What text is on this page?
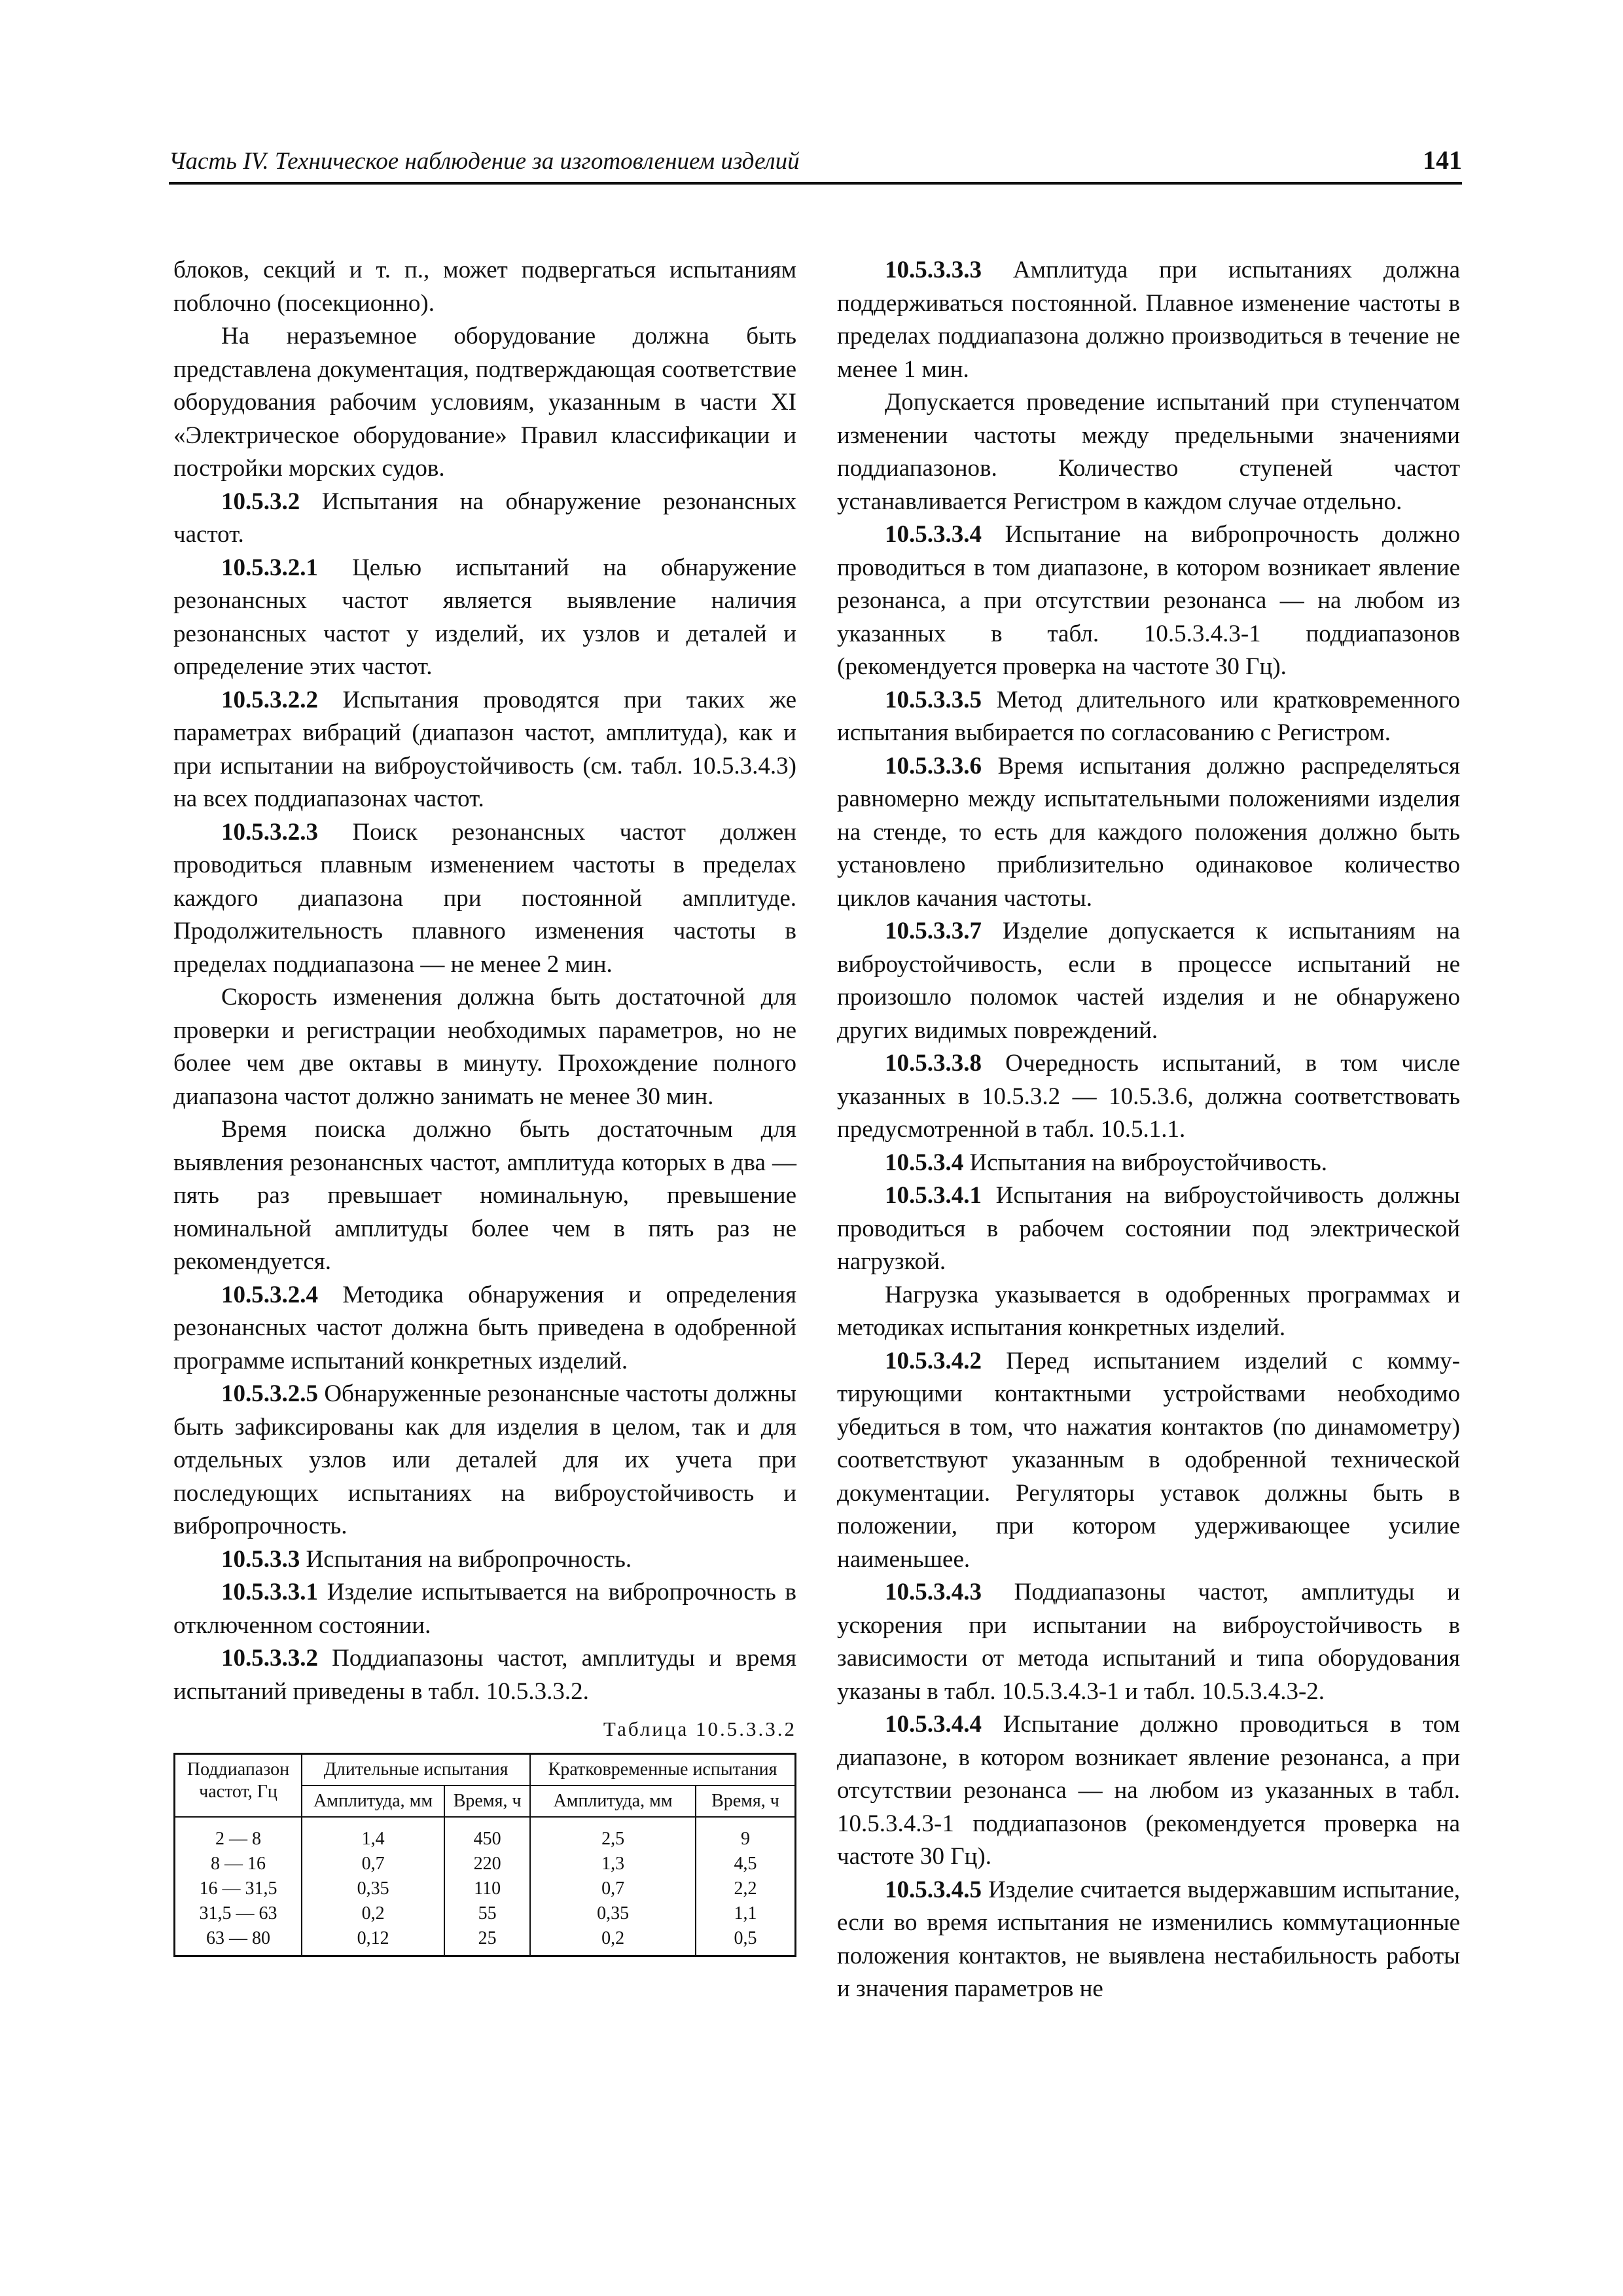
Часть IV. Техническое наблюдение за изготовлением изделий	141

блоков, секций и т. п., может подвергаться испытаниям поблочно (посекционно).

На неразъемное оборудование должна быть представлена документация, подтверждающая соответствие оборудования рабочим условиям, указанным в части XI «Электрическое оборудование» Правил классификации и постройки морских судов.

10.5.3.2 Испытания на обнаружение резонансных частот.

10.5.3.2.1 Целью испытаний на обнаружение резонансных частот является выявление наличия резонансных частот у изделий, их узлов и деталей и определение этих частот.

10.5.3.2.2 Испытания проводятся при таких же параметрах вибраций (диапазон частот, амплитуда), как и при испытании на виброустойчивость (см. табл. 10.5.3.4.3) на всех поддиапазонах частот.

10.5.3.2.3 Поиск резонансных частот должен проводиться плавным изменением частоты в пределах каждого диапазона при постоянной амплитуде. Продолжительность плавного изменения частоты в пределах поддиапазона — не менее 2 мин.

Скорость изменения должна быть достаточной для проверки и регистрации необходимых параметров, но не более чем две октавы в минуту. Прохождение полного диапазона частот должно занимать не менее 30 мин.

Время поиска должно быть достаточным для выявления резонансных частот, амплитуда которых в два — пять раз превышает номинальную, превышение номинальной амплитуды более чем в пять раз не рекомендуется.

10.5.3.2.4 Методика обнаружения и определения резонансных частот должна быть приведена в одобренной программе испытаний конкретных изделий.

10.5.3.2.5 Обнаруженные резонансные частоты должны быть зафиксированы как для изделия в целом, так и для отдельных узлов или деталей для их учета при последующих испытаниях на виброустойчивость и вибропрочность.

10.5.3.3 Испытания на вибропрочность.

10.5.3.3.1 Изделие испытывается на вибропрочность в отключенном состоянии.

10.5.3.3.2 Поддиапазоны частот, амплитуды и время испытаний приведены в табл. 10.5.3.3.2.

Таблица 10.5.3.3.2
Поддиапазон частот, Гц	Длительные испытания		Кратковременные испытания	
	Амплитуда, мм	Время, ч	Амплитуда, мм	Время, ч
2 — 8	1,4	450	2,5	9
8 — 16	0,7	220	1,3	4,5
16 — 31,5	0,35	110	0,7	2,2
31,5 — 63	0,2	55	0,35	1,1
63 — 80	0,12	25	0,2	0,5

10.5.3.3.3 Амплитуда при испытаниях должна поддерживаться постоянной. Плавное изменение частоты в пределах поддиапазона должно производиться в течение не менее 1 мин.

Допускается проведение испытаний при ступенчатом изменении частоты между предельными значениями поддиапазонов. Количество ступеней частот устанавливается Регистром в каждом случае отдельно.

10.5.3.3.4 Испытание на вибропрочность должно проводиться в том диапазоне, в котором возникает явление резонанса, а при отсутствии резонанса — на любом из указанных в табл. 10.5.3.4.3-1 поддиапазонов (рекомендуется проверка на частоте 30 Гц).

10.5.3.3.5 Метод длительного или кратковременного испытания выбирается по согласованию с Регистром.

10.5.3.3.6 Время испытания должно распределяться равномерно между испытательными положениями изделия на стенде, то есть для каждого положения должно быть установлено приблизительно одинаковое количество циклов качания частоты.

10.5.3.3.7 Изделие допускается к испытаниям на виброустойчивость, если в процессе испытаний не произошло поломок частей изделия и не обнаружено других видимых повреждений.

10.5.3.3.8 Очередность испытаний, в том числе указанных в 10.5.3.2 — 10.5.3.6, должна соответствовать предусмотренной в табл. 10.5.1.1.

10.5.3.4 Испытания на виброустойчивость.

10.5.3.4.1 Испытания на виброустойчивость должны проводиться в рабочем состоянии под электрической нагрузкой.

Нагрузка указывается в одобренных программах и методиках испытания конкретных изделий.

10.5.3.4.2 Перед испытанием изделий с коммутирующими контактными устройствами необходимо убедиться в том, что нажатия контактов (по динамометру) соответствуют указанным в одобренной технической документации. Регуляторы уставок должны быть в положении, при котором удерживающее усилие наименьшее.

10.5.3.4.3 Поддиапазоны частот, амплитуды и ускорения при испытании на виброустойчивость в зависимости от метода испытаний и типа оборудования указаны в табл. 10.5.3.4.3-1 и табл. 10.5.3.4.3-2.

10.5.3.4.4 Испытание должно проводиться в том диапазоне, в котором возникает явление резонанса, а при отсутствии резонанса — на любом из указанных в табл. 10.5.3.4.3-1 поддиапазонов (рекомендуется проверка на частоте 30 Гц).

10.5.3.4.5 Изделие считается выдержавшим испытание, если во время испытания не изменились коммутационные положения контактов, не выявлена нестабильность работы и значения параметров не
